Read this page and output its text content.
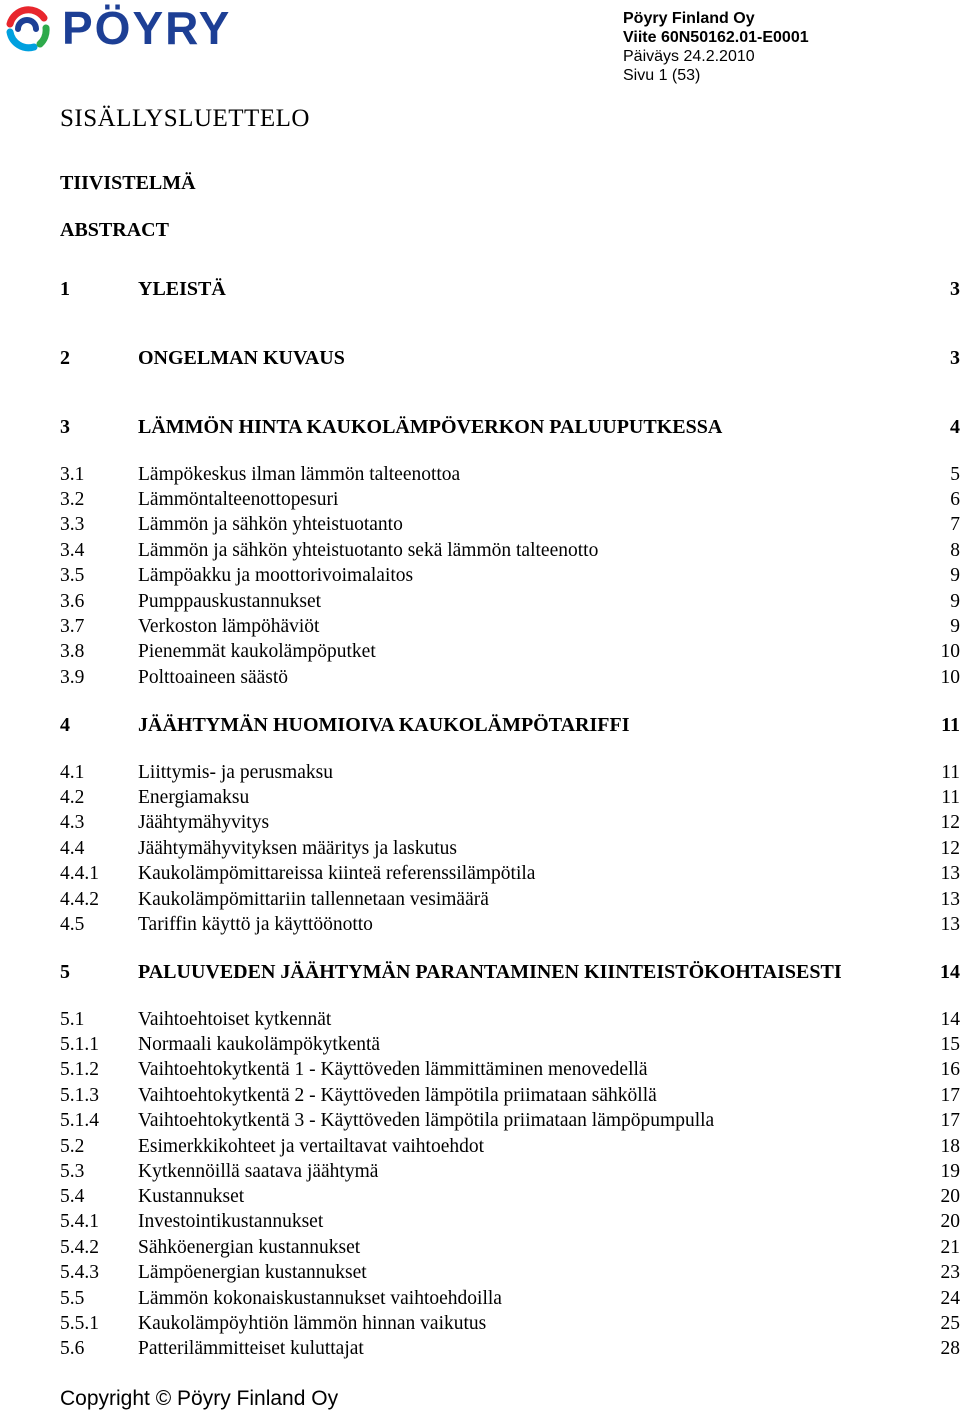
PÖYRY	Pöyry Finland Oy
Viite 60N50162.01-E0001
Päiväys 24.2.2010
Sivu 1 (53)
SISÄLLYSLUETTELO
TIIVISTELMÄ
ABSTRACT
1	YLEISTÄ	3
2	ONGELMAN KUVAUS	3
3	LÄMMÖN HINTA KAUKOLÄMPÖVERKON PALUUPUTKESSA	4
3.1	Lämpökeskus ilman lämmön talteenottoa	5
3.2	Lämmöntalteenottopesuri	6
3.3	Lämmön ja sähkön yhteistuotanto	7
3.4	Lämmön ja sähkön yhteistuotanto sekä lämmön talteenotto	8
3.5	Lämpöakku ja moottorivoimalaitos	9
3.6	Pumppauskustannukset	9
3.7	Verkoston lämpöhäviöt	9
3.8	Pienemmät kaukolämpöputket	10
3.9	Polttoaineen säästö	10
4	JÄÄHTYMÄN HUOMIOIVA KAUKOLÄMPÖTARIFFI	11
4.1	Liittymis- ja perusmaksu	11
4.2	Energiamaksu	11
4.3	Jäähtymähyvitys	12
4.4	Jäähtymähyvityksen määritys ja laskutus	12
4.4.1 Kaukolämpömittareissa kiinteä referenssilämpötila	13
4.4.2 Kaukolämpömittariin tallennetaan vesimäärä	13
4.5	Tariffin käyttö ja käyttöönotto	13
5	PALUUVEDEN JÄÄHTYMÄN PARANTAMINEN KIINTEISTÖKOHTAISESTI	14
5.1	Vaihtoehtoiset kytkennät	14
5.1.1 Normaali kaukolämpökytkentä	15
5.1.2 Vaihtoehtokytkentä 1 - Käyttöveden lämmittäminen menovedellä	16
5.1.3 Vaihtoehtokytkentä 2 - Käyttöveden lämpötila priimataan sähköllä	17
5.1.4 Vaihtoehtokytkentä 3 - Käyttöveden lämpötila priimataan lämpöpumpulla	17
5.2	Esimerkkikohteet ja vertailtavat vaihtoehdot	18
5.3	Kytkennöillä saatava jäähtymä	19
5.4	Kustannukset	20
5.4.1 Investointikustannukset	20
5.4.2 Sähköenergian kustannukset	21
5.4.3 Lämpöenergian kustannukset	23
5.5	Lämmön kokonaiskustannukset vaihtoehdoilla	24
5.5.1 Kaukolämpöyhtiön lämmön hinnan vaikutus	25
5.6	Patterilämmitteiset kuluttajat	28
Copyright © Pöyry Finland Oy
